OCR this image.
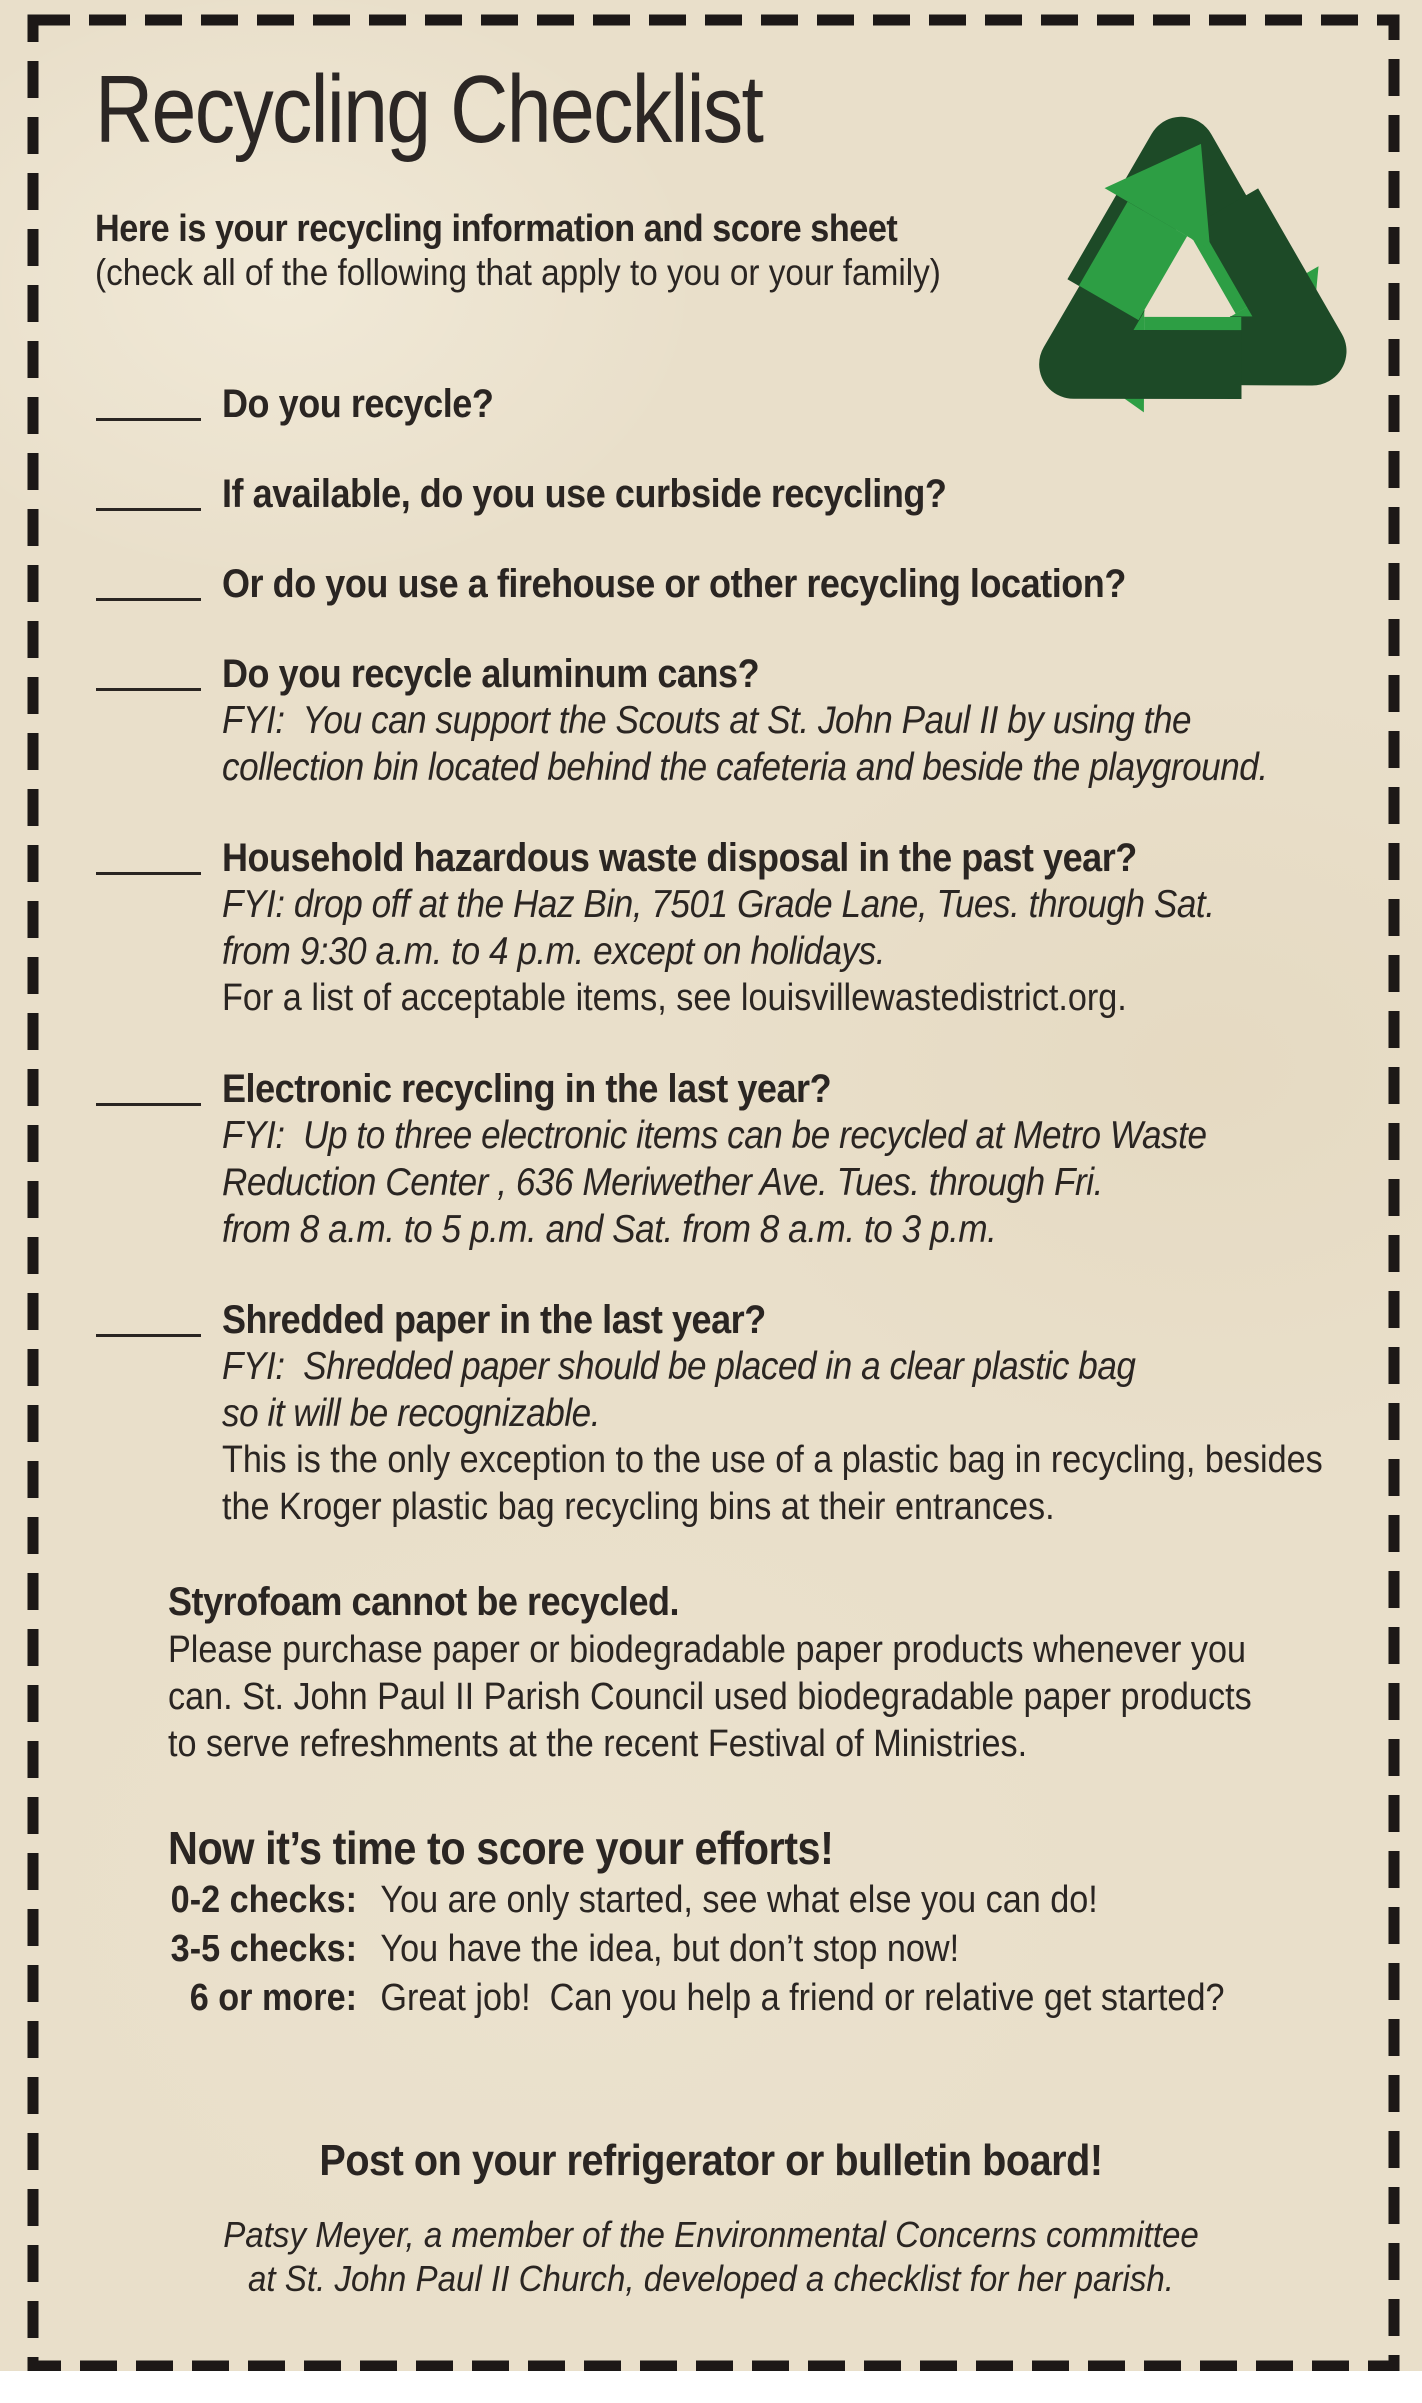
Recycling Checklist
Here is your recycling information and score sheet
(check all of the following that apply to you or your family)
Do you recycle?
If available, do you use curbside recycling?
Or do you use a firehouse or other recycling location?
Do you recycle aluminum cans?
FYI:  You can support the Scouts at St. John Paul II by using the
collection bin located behind the cafeteria and beside the playground.
Household hazardous waste disposal in the past year?
FYI: drop off at the Haz Bin, 7501 Grade Lane, Tues. through Sat.
from 9:30 a.m. to 4 p.m. except on holidays.
For a list of acceptable items, see louisvillewastedistrict.org.
Electronic recycling in the last year?
FYI:  Up to three electronic items can be recycled at Metro Waste
Reduction Center , 636 Meriwether Ave. Tues. through Fri.
from 8 a.m. to 5 p.m. and Sat. from 8 a.m. to 3 p.m.
Shredded paper in the last year?
FYI:  Shredded paper should be placed in a clear plastic bag
so it will be recognizable.
This is the only exception to the use of a plastic bag in recycling, besides
the Kroger plastic bag recycling bins at their entrances.
Styrofoam cannot be recycled.
Please purchase paper or biodegradable paper products whenever you
can. St. John Paul II Parish Council used biodegradable paper products
to serve refreshments at the recent Festival of Ministries.
Now it’s time to score your efforts!
0-2 checks: You are only started, see what else you can do!
3-5 checks: You have the idea, but don’t stop now!
6 or more: Great job!  Can you help a friend or relative get started?
Post on your refrigerator or bulletin board!
Patsy Meyer, a member of the Environmental Concerns committee
at St. John Paul II Church, developed a checklist for her parish.
